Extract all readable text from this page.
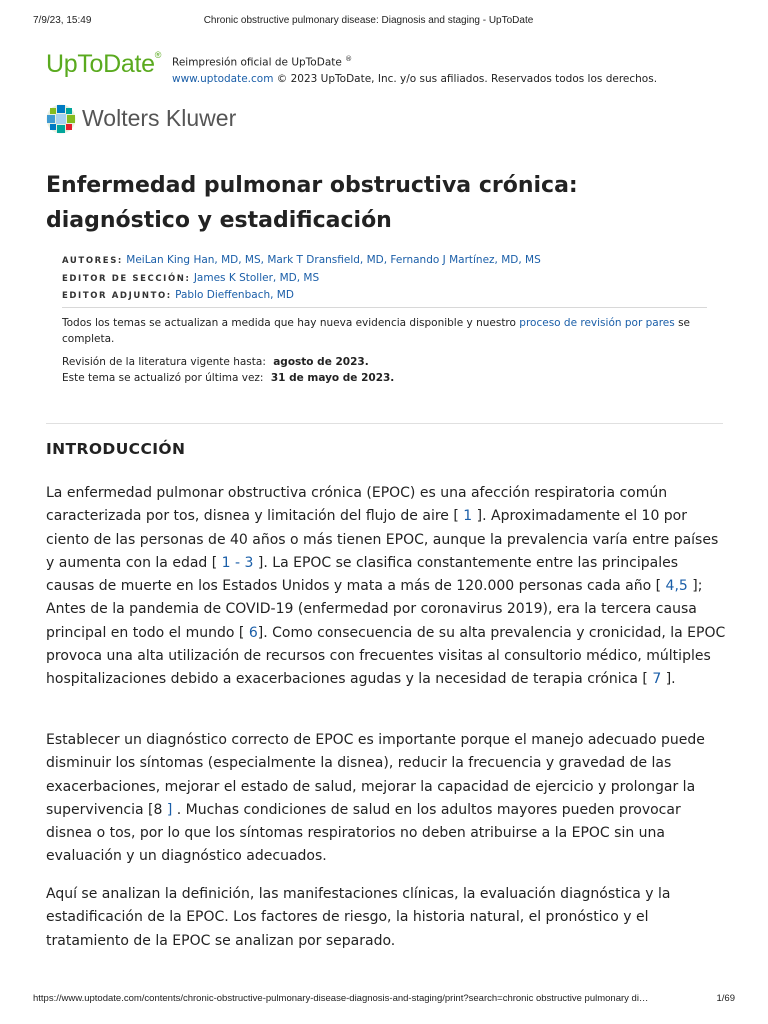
7/9/23, 15:49	Chronic obstructive pulmonary disease: Diagnosis and staging - UpToDate
UpToDate®
Reimpresión oficial de UpToDate ®
www.uptodate.com © 2023 UpToDate, Inc. y/o sus afiliados. Reservados todos los derechos.
Wolters Kluwer
Enfermedad pulmonar obstructiva crónica: diagnóstico y estadificación
AUTORES: MeiLan King Han, MD, MS, Mark T Dransfield, MD, Fernando J Martínez, MD, MS
EDITOR DE SECCIÓN: James K Stoller, MD, MS
EDITOR ADJUNTO: Pablo Dieffenbach, MD
Todos los temas se actualizan a medida que hay nueva evidencia disponible y nuestro proceso de revisión por pares se completa.
Revisión de la literatura vigente hasta: agosto de 2023.
Este tema se actualizó por última vez: 31 de mayo de 2023.
INTRODUCCIÓN

La enfermedad pulmonar obstructiva crónica (EPOC) es una afección respiratoria común caracterizada por tos, disnea y limitación del flujo de aire [ 1 ]. Aproximadamente el 10 por ciento de las personas de 40 años o más tienen EPOC, aunque la prevalencia varía entre países y aumenta con la edad [ 1 - 3 ]. La EPOC se clasifica constantemente entre las principales causas de muerte en los Estados Unidos y mata a más de 120.000 personas cada año [ 4,5 ]; Antes de la pandemia de COVID-19 (enfermedad por coronavirus 2019), era la tercera causa principal en todo el mundo [ 6]. Como consecuencia de su alta prevalencia y cronicidad, la EPOC provoca una alta utilización de recursos con frecuentes visitas al consultorio médico, múltiples hospitalizaciones debido a exacerbaciones agudas y la necesidad de terapia crónica [ 7 ].

Establecer un diagnóstico correcto de EPOC es importante porque el manejo adecuado puede disminuir los síntomas (especialmente la disnea), reducir la frecuencia y gravedad de las exacerbaciones, mejorar el estado de salud, mejorar la capacidad de ejercicio y prolongar la supervivencia [8 ] . Muchas condiciones de salud en los adultos mayores pueden provocar disnea o tos, por lo que los síntomas respiratorios no deben atribuirse a la EPOC sin una evaluación y un diagnóstico adecuados.

Aquí se analizan la definición, las manifestaciones clínicas, la evaluación diagnóstica y la estadificación de la EPOC. Los factores de riesgo, la historia natural, el pronóstico y el tratamiento de la EPOC se analizan por separado.

https://www.uptodate.com/contents/chronic-obstructive-pulmonary-disease-diagnosis-and-staging/print?search=chronic obstructive pulmonary di…	1/69
